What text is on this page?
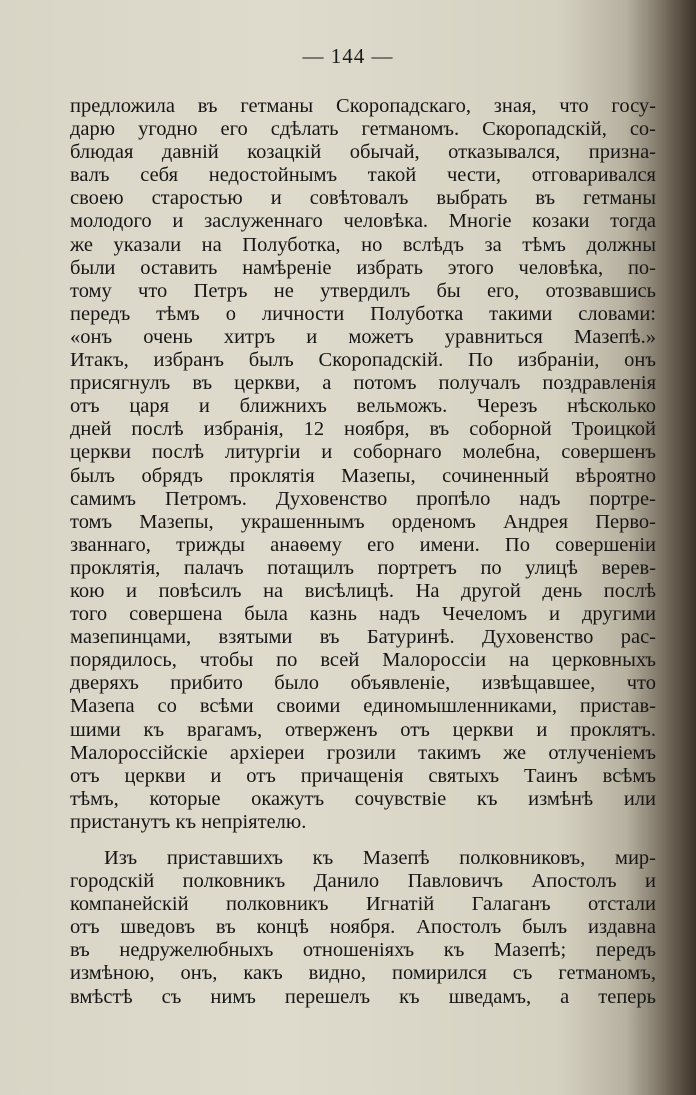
— 144 —
предложила въ гетманы Скоропадскаго, зная, что госу-
дарю угодно его сдѣлать гетманомъ. Скоропадскій, со-
блюдая давній козацкій обычай, отказывался, призна-
валъ себя недостойнымъ такой чести, отговаривался
своею старостью и совѣтовалъ выбрать въ гетманы
молодого и заслуженнаго человѣка. Многіе козаки тогда
же указали на Полуботка, но вслѣдъ за тѣмъ должны
были оставить намѣреніе избрать этого человѣка, по-
тому что Петръ не утвердилъ бы его, отозвавшись
передъ тѣмъ о личности Полуботка такими словами:
«онъ очень хитръ и можетъ уравниться Мазепѣ.»
Итакъ, избранъ былъ Скоропадскій. По избраніи, онъ
присягнулъ въ церкви, а потомъ получалъ поздравленія
отъ царя и ближнихъ вельможъ. Черезъ нѣсколько
дней послѣ избранія, 12 ноября, въ соборной Троицкой
церкви послѣ литургіи и соборнаго молебна, совершенъ
былъ обрядъ проклятія Мазепы, сочиненный вѣроятно
самимъ Петромъ. Духовенство пропѣло надъ портре-
томъ Мазепы, украшеннымъ орденомъ Андрея Перво-
званнаго, трижды анаѳему его имени. По совершеніи
проклятія, палачъ потащилъ портретъ по улицѣ верев-
кою и повѣсилъ на висѣлицѣ. На другой день послѣ
того совершена была казнь надъ Чечеломъ и другими
мазепинцами, взятыми въ Батуринѣ. Духовенство рас-
порядилось, чтобы по всей Малороссіи на церковныхъ
дверяхъ прибито было объявленіе, извѣщавшее, что
Мазепа со всѣми своими единомышленниками, пристав-
шими къ врагамъ, отверженъ отъ церкви и проклятъ.
Малороссійскіе архіереи грозили такимъ же отлученіемъ
отъ церкви и отъ причащенія святыхъ Таинъ всѣмъ
тѣмъ, которые окажутъ сочувствіе къ измѣнѣ или
пристанутъ къ непріятелю.
Изъ приставшихъ къ Мазепѣ полковниковъ, мир-
городскій полковникъ Данило Павловичъ Апостолъ и
компанейскій полковникъ Игнатій Галаганъ отстали
отъ шведовъ въ концѣ ноября. Апостолъ былъ издавна
въ недружелюбныхъ отношеніяхъ къ Мазепѣ; передъ
измѣною, онъ, какъ видно, помирился съ гетманомъ,
вмѣстѣ съ нимъ перешелъ къ шведамъ, а теперь
